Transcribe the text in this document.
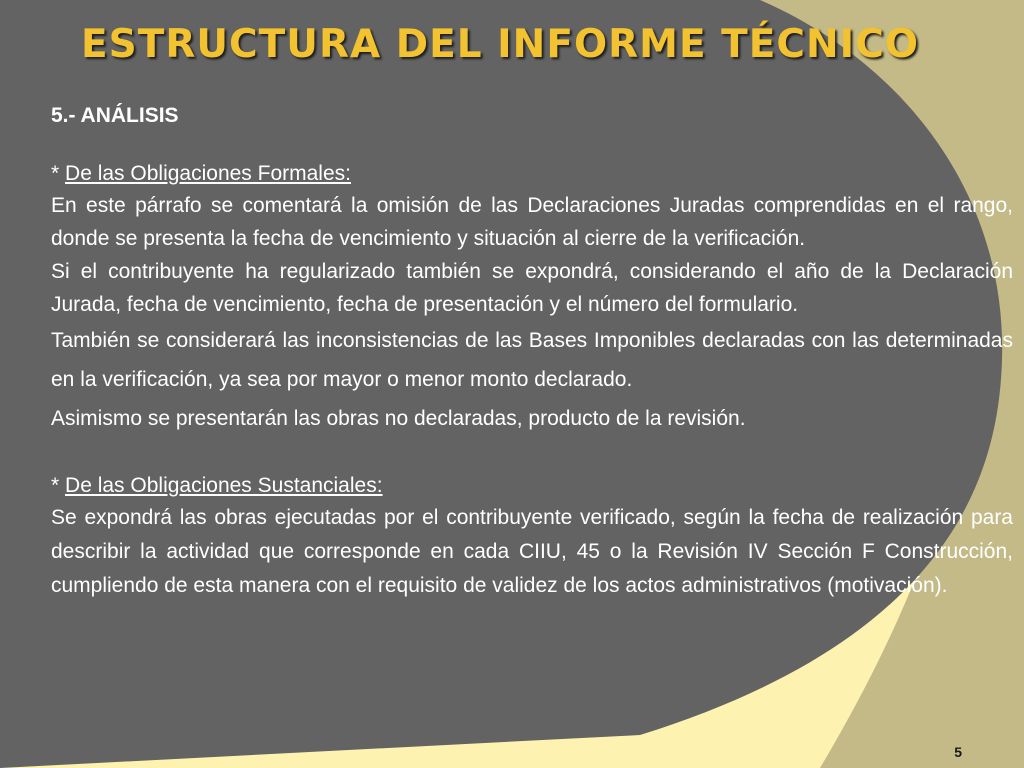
ESTRUCTURA DEL INFORME TÉCNICO

5.- ANÁLISIS

* De las Obligaciones Formales:

En este párrafo se comentará la omisión de las Declaraciones Juradas comprendidas en el rango, donde se presenta la fecha de vencimiento y situación al cierre de la verificación.

Si el contribuyente ha regularizado también se expondrá, considerando el año de la Declaración Jurada, fecha de vencimiento, fecha de presentación y el número del formulario.

También se considerará las inconsistencias de las Bases Imponibles declaradas con las determinadas en la verificación, ya sea por mayor o menor monto declarado.

Asimismo se presentarán las obras no declaradas, producto de la revisión.

* De las Obligaciones Sustanciales:

Se expondrá las obras ejecutadas por el contribuyente verificado, según la fecha de realización para describir la actividad que corresponde en cada CIIU, 45 o la Revisión IV Sección F Construcción, cumpliendo de esta manera con el requisito de validez de los actos administrativos (motivación).

5
